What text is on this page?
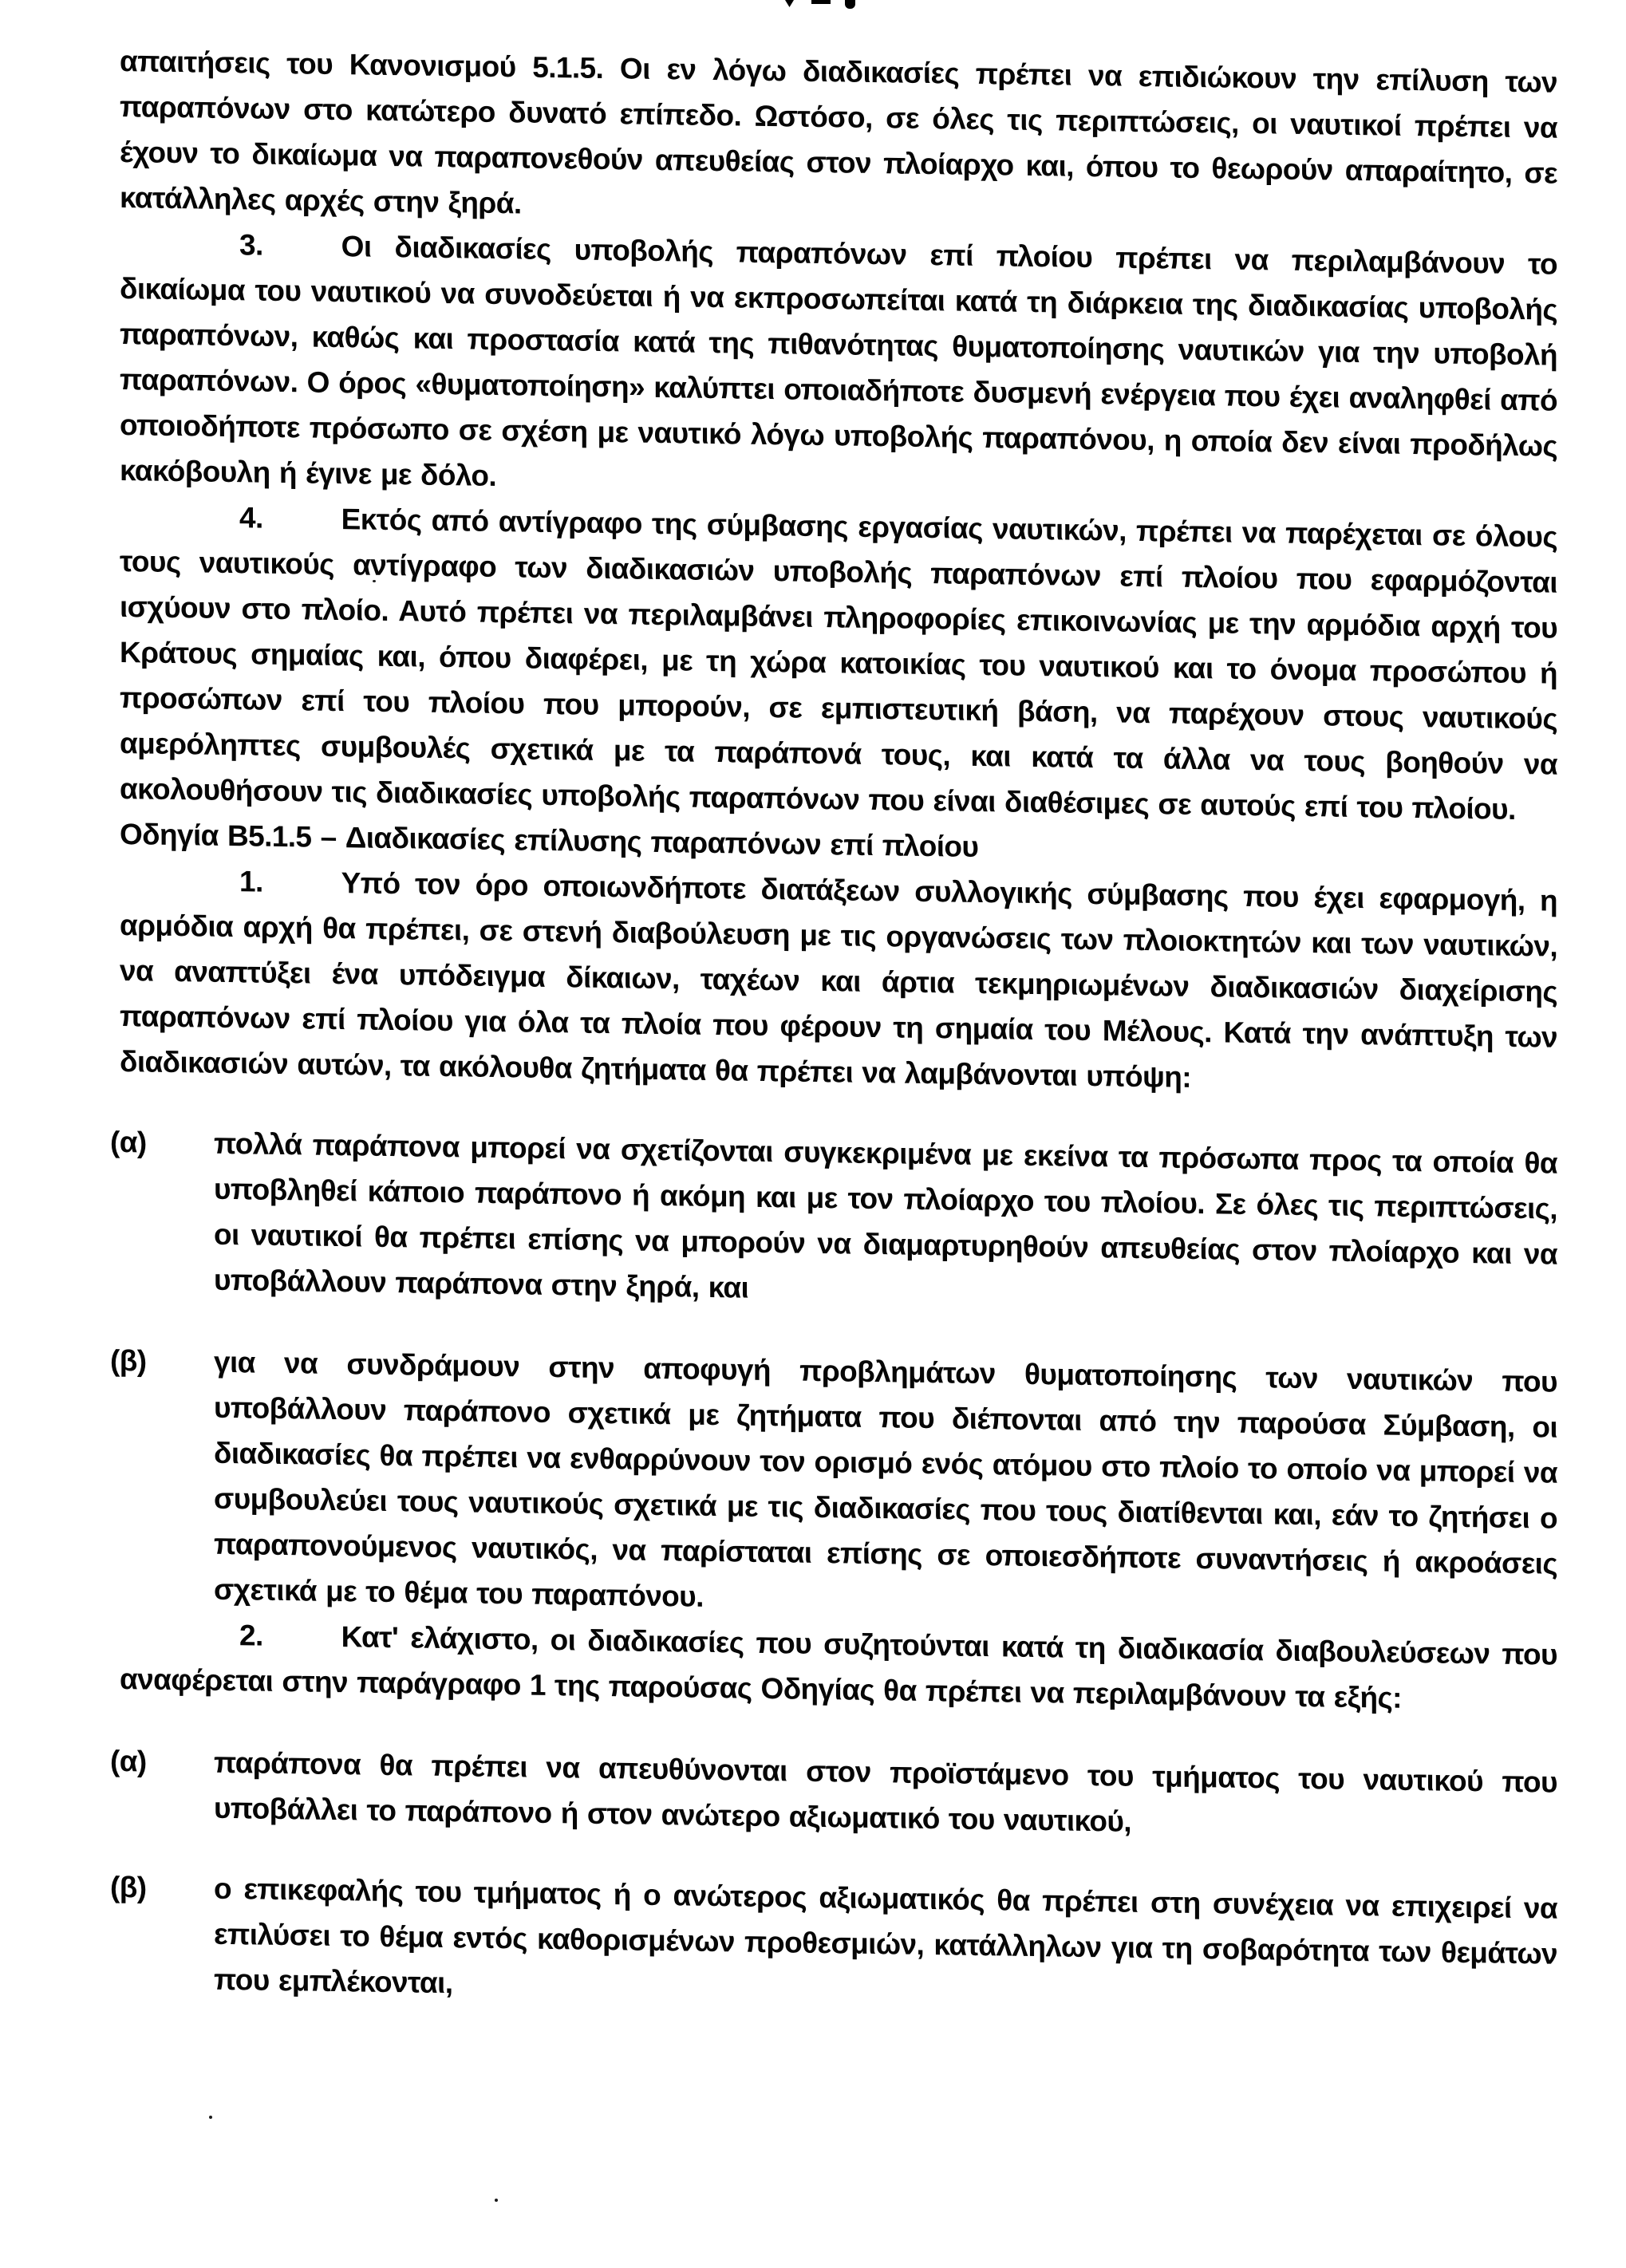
απαιτήσεις του Κανονισμού 5.1.5. Οι εν λόγω διαδικασίες πρέπει να επιδιώκουν την επίλυση των παραπόνων στο κατώτερο δυνατό επίπεδο. Ωστόσο, σε όλες τις περιπτώσεις, οι ναυτικοί πρέπει να έχουν το δικαίωμα να παραπονεθούν απευθείας στον πλοίαρχο και, όπου το θεωρούν απαραίτητο, σε κατάλληλες αρχές στην ξηρά.

3.	Οι διαδικασίες υποβολής παραπόνων επί πλοίου πρέπει να περιλαμβάνουν το δικαίωμα του ναυτικού να συνοδεύεται ή να εκπροσωπείται κατά τη διάρκεια της διαδικασίας υποβολής παραπόνων, καθώς και προστασία κατά της πιθανότητας θυματοποίησης ναυτικών για την υποβολή παραπόνων. Ο όρος «θυματοποίηση» καλύπτει οποιαδήποτε δυσμενή ενέργεια που έχει αναληφθεί από οποιοδήποτε πρόσωπο σε σχέση με ναυτικό λόγω υποβολής παραπόνου, η οποία δεν είναι προδήλως κακόβουλη ή έγινε με δόλο.

4.	Εκτός από αντίγραφο της σύμβασης εργασίας ναυτικών, πρέπει να παρέχεται σε όλους τους ναυτικούς αντίγραφο των διαδικασιών υποβολής παραπόνων επί πλοίου που εφαρμόζονται ισχύουν στο πλοίο. Αυτό πρέπει να περιλαμβάνει πληροφορίες επικοινωνίας με την αρμόδια αρχή του Κράτους σημαίας και, όπου διαφέρει, με τη χώρα κατοικίας του ναυτικού και το όνομα προσώπου ή προσώπων επί του πλοίου που μπορούν, σε εμπιστευτική βάση, να παρέχουν στους ναυτικούς αμερόληπτες συμβουλές σχετικά με τα παράπονά τους, και κατά τα άλλα να τους βοηθούν να ακολουθήσουν τις διαδικασίες υποβολής παραπόνων που είναι διαθέσιμες σε αυτούς επί του πλοίου.

Οδηγία B5.1.5 – Διαδικασίες επίλυσης παραπόνων επί πλοίου

1.	Υπό τον όρο οποιωνδήποτε διατάξεων συλλογικής σύμβασης που έχει εφαρμογή, η αρμόδια αρχή θα πρέπει, σε στενή διαβούλευση με τις οργανώσεις των πλοιοκτητών και των ναυτικών, να αναπτύξει ένα υπόδειγμα δίκαιων, ταχέων και άρτια τεκμηριωμένων διαδικασιών διαχείρισης παραπόνων επί πλοίου για όλα τα πλοία που φέρουν τη σημαία του Μέλους. Κατά την ανάπτυξη των διαδικασιών αυτών, τα ακόλουθα ζητήματα θα πρέπει να λαμβάνονται υπόψη:

(α) πολλά παράπονα μπορεί να σχετίζονται συγκεκριμένα με εκείνα τα πρόσωπα προς τα οποία θα υποβληθεί κάποιο παράπονο ή ακόμη και με τον πλοίαρχο του πλοίου. Σε όλες τις περιπτώσεις, οι ναυτικοί θα πρέπει επίσης να μπορούν να διαμαρτυρηθούν απευθείας στον πλοίαρχο και να υποβάλλουν παράπονα στην ξηρά, και

(β) για να συνδράμουν στην αποφυγή προβλημάτων θυματοποίησης των ναυτικών που υποβάλλουν παράπονο σχετικά με ζητήματα που διέπονται από την παρούσα Σύμβαση, οι διαδικασίες θα πρέπει να ενθαρρύνουν τον ορισμό ενός ατόμου στο πλοίο το οποίο να μπορεί να συμβουλεύει τους ναυτικούς σχετικά με τις διαδικασίες που τους διατίθενται και, εάν το ζητήσει ο παραπονούμενος ναυτικός, να παρίσταται επίσης σε οποιεσδήποτε συναντήσεις ή ακροάσεις σχετικά με το θέμα του παραπόνου.

2.	Κατ' ελάχιστο, οι διαδικασίες που συζητούνται κατά τη διαδικασία διαβουλεύσεων που αναφέρεται στην παράγραφο 1 της παρούσας Οδηγίας θα πρέπει να περιλαμβάνουν τα εξής:

(α) παράπονα θα πρέπει να απευθύνονται στον προϊστάμενο του τμήματος του ναυτικού που υποβάλλει το παράπονο ή στον ανώτερο αξιωματικό του ναυτικού,

(β) ο επικεφαλής του τμήματος ή ο ανώτερος αξιωματικός θα πρέπει στη συνέχεια να επιχειρεί να επιλύσει το θέμα εντός καθορισμένων προθεσμιών, κατάλληλων για τη σοβαρότητα των θεμάτων που εμπλέκονται,
